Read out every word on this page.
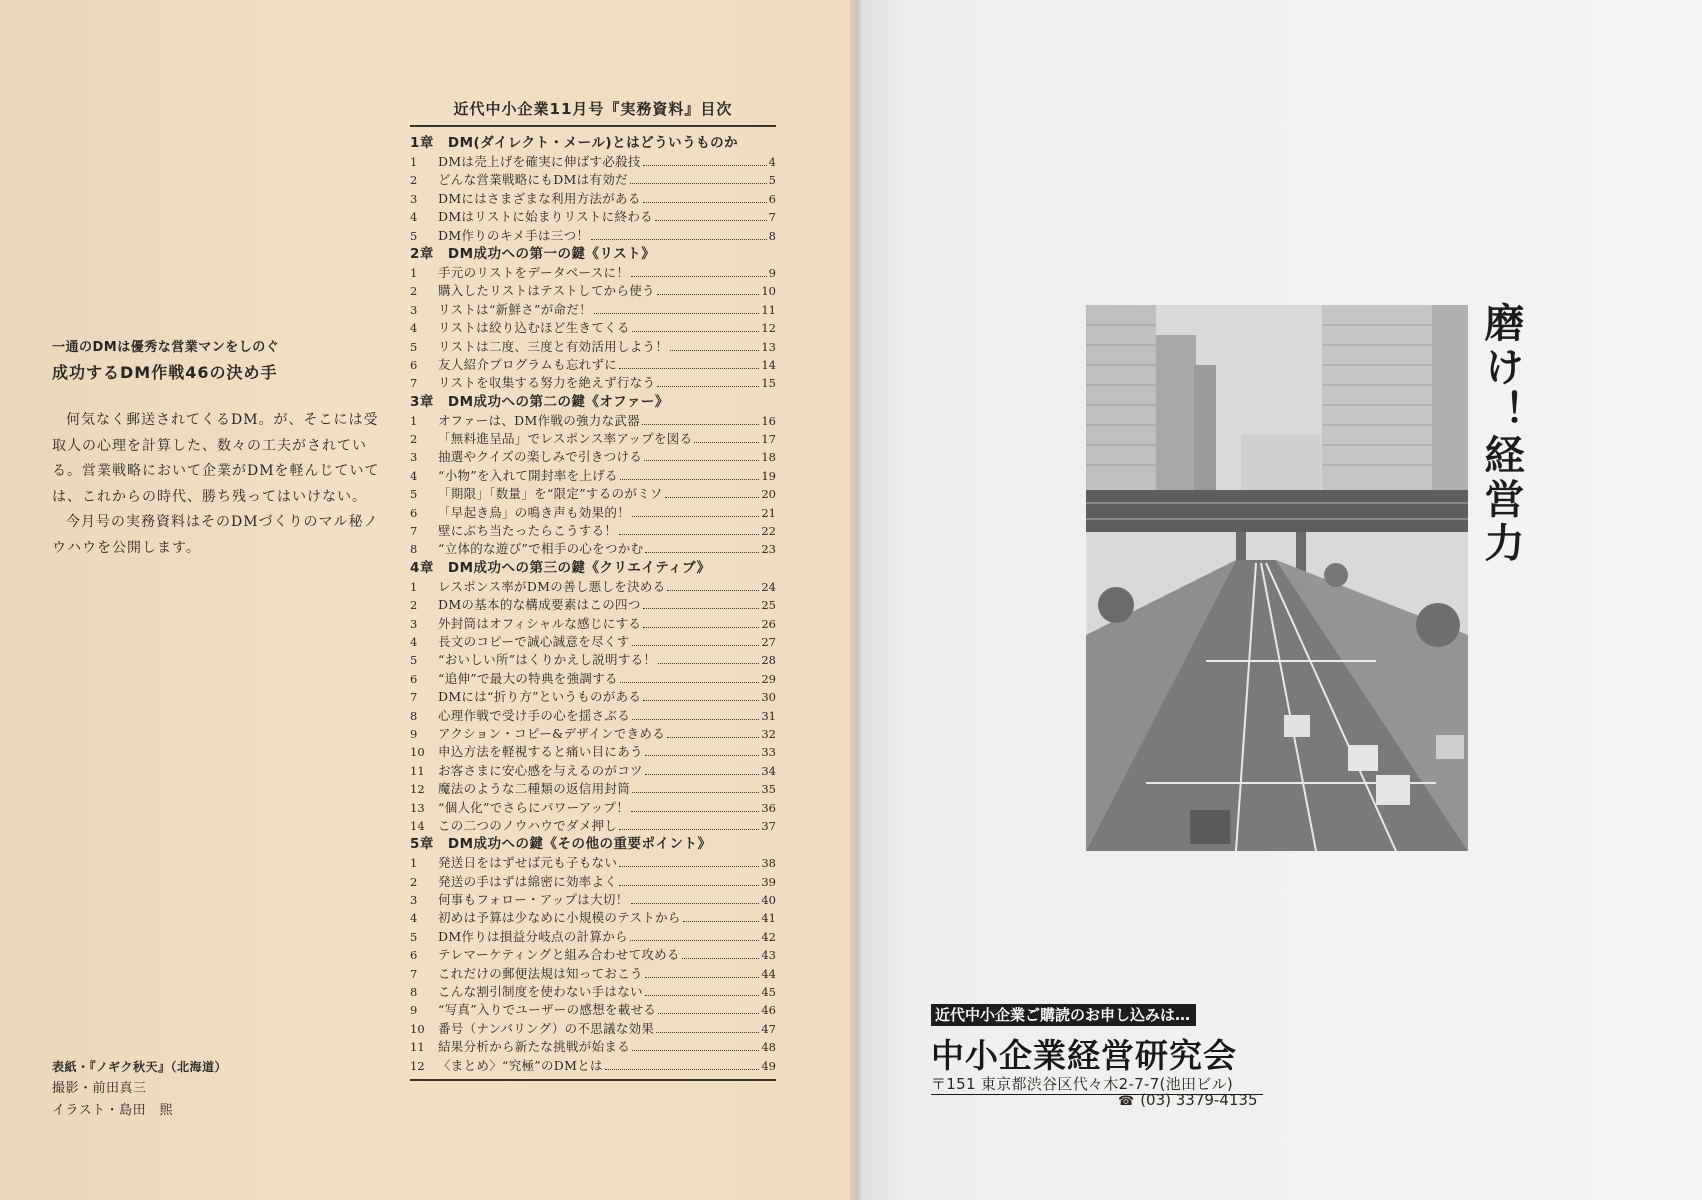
一通のDMは優秀な営業マンをしのぐ
成功するDM作戦46の決め手

何気なく郵送されてくるDM。が、そこには受取人の心理を計算した、数々の工夫がされている。営業戦略において企業がDMを軽んじていては、これからの時代、勝ち残ってはいけない。

今月号の実務資料はそのDMづくりのマル秘ノウハウを公開します。

表紙・『ノギク秋天』（北海道）
撮影・前田真三
イラスト・島田　煕
近代中小企業11月号『実務資料』目次
1章　DM(ダイレクト・メール)とはどういうものか
1	DMは売上げを確実に伸ばす必殺技	4
2	どんな営業戦略にもDMは有効だ	5
3	DMにはさまざまな利用方法がある	6
4	DMはリストに始まりリストに終わる	7
5	DM作りのキメ手は三つ！	8
2章　DM成功への第一の鍵《リスト》
1	手元のリストをデータベースに！	9
2	購入したリストはテストしてから使う	10
3	リストは“新鮮さ”が命だ！	11
4	リストは絞り込むほど生きてくる	12
5	リストは二度、三度と有効活用しよう！	13
6	友人紹介プログラムも忘れずに	14
7	リストを収集する努力を絶えず行なう	15
3章　DM成功への第二の鍵《オファー》
1	オファーは、DM作戦の強力な武器	16
2	「無料進呈品」でレスポンス率アップを図る	17
3	抽選やクイズの楽しみで引きつける	18
4	“小物”を入れて開封率を上げる	19
5	「期限」「数量」を“限定”するのがミソ	20
6	「早起き鳥」の鳴き声も効果的！	21
7	壁にぶち当たったらこうする！	22
8	“立体的な遊び”で相手の心をつかむ	23
4章　DM成功への第三の鍵《クリエイティブ》
1	レスポンス率がDMの善し悪しを決める	24
2	DMの基本的な構成要素はこの四つ	25
3	外封筒はオフィシャルな感じにする	26
4	長文のコピーで誠心誠意を尽くす	27
5	“おいしい所”はくりかえし説明する！	28
6	“追伸”で最大の特典を強調する	29
7	DMには“折り方”というものがある	30
8	心理作戦で受け手の心を揺さぶる	31
9	アクション・コピー&デザインできめる	32
10	申込方法を軽視すると痛い目にあう	33
11	お客さまに安心感を与えるのがコツ	34
12	魔法のような二種類の返信用封筒	35
13	“個人化”でさらにパワーアップ！	36
14	この二つのノウハウでダメ押し	37
5章　DM成功への鍵《その他の重要ポイント》
1	発送日をはずせば元も子もない	38
2	発送の手はずは綿密に効率よく	39
3	何事もフォロー・アップは大切！	40
4	初めは予算は少なめに小規模のテストから	41
5	DM作りは損益分岐点の計算から	42
6	テレマーケティングと組み合わせて攻める	43
7	これだけの郵便法規は知っておこう	44
8	こんな割引制度を使わない手はない	45
9	“写真”入りでユーザーの感想を載せる	46
10	番号（ナンバリング）の不思議な効果	47
11	結果分析から新たな挑戦が始まる	48
12	〈まとめ〉“究極”のDMとは	49
磨け！経営力
近代中小企業ご購読のお申し込みは…
中小企業経営研究会
〒151 東京都渋谷区代々木2-7-7(池田ビル)
☎ (03) 3379-4135
